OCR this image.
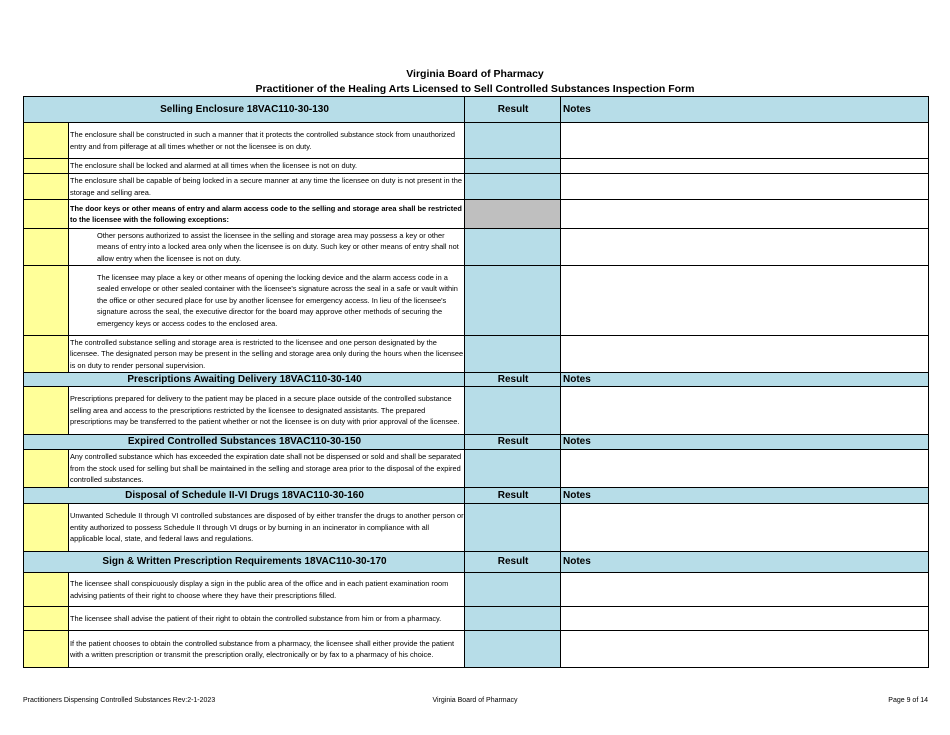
Virginia Board of Pharmacy
Practitioner of the Healing Arts Licensed to Sell Controlled Substances Inspection Form
Selling Enclosure 18VAC110-30-130		Result	Notes
	The enclosure shall be constructed in such a manner that it protects the controlled substance stock from unauthorized entry and from pilferage at all times whether or not the licensee is on duty.		
	The enclosure shall be locked and alarmed at all times when the licensee is not on duty.		
	The enclosure shall be capable of being locked in a secure manner at any time the licensee on duty is not present in the storage and selling area.		
	The door keys or other means of entry and alarm access code to the selling and storage area shall be restricted to the licensee with the following exceptions:		
	Other persons authorized to assist the licensee in the selling and storage area may possess a key or other means of entry into a locked area only when the licensee is on duty. Such key or other means of entry shall not allow entry when the licensee is not on duty.		
	The licensee may place a key or other means of opening the locking device and the alarm access code in a sealed envelope or other sealed container with the licensee's signature across the seal in a safe or vault within the office or other secured place for use by another licensee for emergency access. In lieu of the licensee's signature across the seal, the executive director for the board may approve other methods of securing the emergency keys or access codes to the enclosed area.		
	The controlled substance selling and storage area is restricted to the licensee and one person designated by the licensee. The designated person may be present in the selling and storage area only during the hours when the licensee is on duty to render personal supervision.		
Prescriptions Awaiting Delivery 18VAC110-30-140		Result	Notes
	Prescriptions prepared for delivery to the patient may be placed in a secure place outside of the controlled substance selling area and access to the prescriptions restricted by the licensee to designated assistants. The prepared prescriptions may be transferred to the patient whether or not the licensee is on duty with prior approval of the licensee.		
Expired Controlled Substances 18VAC110-30-150		Result	Notes
	Any controlled substance which has exceeded the expiration date shall not be dispensed or sold and shall be separated from the stock used for selling but shall be maintained in the selling and storage area prior to the disposal of the expired controlled substances.		
Disposal of Schedule II-VI Drugs 18VAC110-30-160		Result	Notes
	Unwanted Schedule II through VI controlled substances are disposed of by either transfer the drugs to another person or entity authorized to possess Schedule II through VI drugs or by burning in an incinerator in compliance with all applicable local, state, and federal laws and regulations.		
Sign & Written Prescription Requirements 18VAC110-30-170		Result	Notes
	The licensee shall conspicuously display a sign in the public area of the office and in each patient examination room advising patients of their right to choose where they have their prescriptions filled.		
	The licensee shall advise the patient of their right to obtain the controlled substance from him or from a pharmacy.		
	If the patient chooses to obtain the controlled substance from a pharmacy, the licensee shall either provide the patient with a written prescription or transmit the prescription orally, electronically or by fax to a pharmacy of his choice.		
Practitioners Dispensing Controlled Substances Rev:2-1-2023	Virginia Board of Pharmacy	Page 9 of 14
